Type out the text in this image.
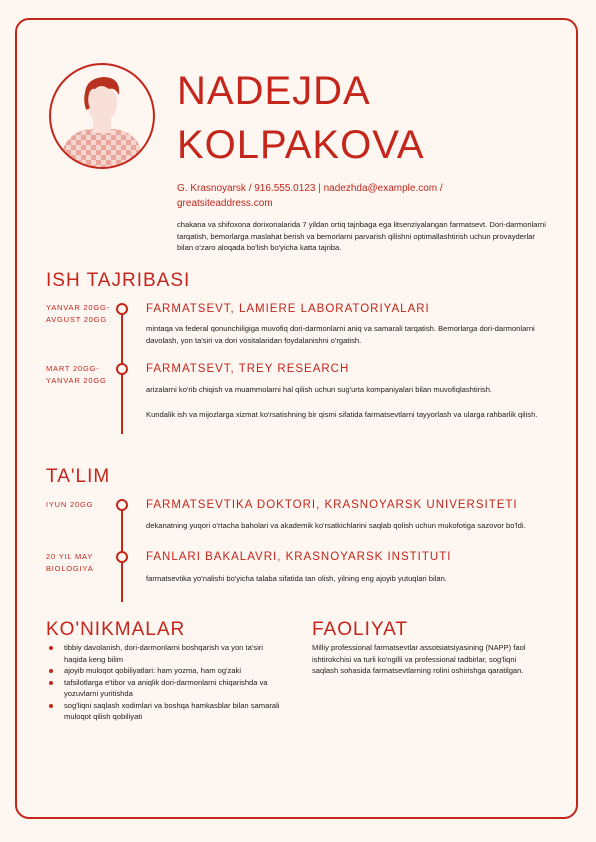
NADEJDA
KOLPAKOVA
G. Krasnoyarsk / 916.555.0123 | nadezhda@example.com /
greatsiteaddress.com
chakana va shifoxona dorixonalarida 7 yildan ortiq tajribaga ega litsenziyalangan farmatsevt. Dori-darmonlarni tarqatish, bemorlarga maslahat berish va bemorlarni parvarish qilishni optimallashtirish uchun provayderlar bilan o'zaro aloqada bo'lish bo'yicha katta tajriba.
ISH TAJRIBASI
YANVAR 20GG-AVGUST 20GG
FARMATSEVT, LAMIERE LABORATORIYALARI
mintaqa va federal qonunchiligiga muvofiq dori-darmonlarni aniq va samarali tarqatish. Bemorlarga dori-darmonlarni davolash, yon ta'siri va dori vositalaridan foydalanishni o'rgatish.
MART 20GG-YANVAR 20GG
FARMATSEVT, TREY RESEARCH
arizalarni ko'rib chiqish va muammolarni hal qilish uchun sug'urta kompaniyalari bilan muvofiqlashtirish.
Kundalik ish va mijozlarga xizmat ko'rsatishning bir qismi sifatida farmatsevtlarni tayyorlash va ularga rahbarlik qilish.
TA'LIM
IYUN 20GG	FARMATSEVTIKA DOKTORI, KRASNOYARSK UNIVERSITETI
dekanatning yuqori o'rtacha baholari va akademik ko'rsatkichlarini saqlab qolish uchun mukofotiga sazovor bo'ldi.
20 YIL MAY BIOLOGIYA
FANLARI BAKALAVRI, KRASNOYARSK INSTITUTI
farmatsevtika yo'nalishi bo'yicha talaba sifatida tan olish, yilning eng ajoyib yutuqlari bilan.
KO'NIKMALAR
tibbiy davolanish, dori-darmonlarni boshqarish va yon ta'siri haqida keng bilim
ajoyib muloqot qobiliyatlari: ham yozma, ham og'zaki
tafsilotlarga e'tibor va aniqlik dori-darmonlarni chiqarishda va yozuvlarni yuritishda
sog'liqni saqlash xodimlari va boshqa hamkasblar bilan samarali muloqot qilish qobiliyati
FAOLIYAT
Milliy professional farmatsevtlar assotsiatsiyasining (NAPP) faol ishtirokchisi va turli ko'ngilli va professional tadbirlar, sog'liqni saqlash sohasida farmatsevtlarning rolini oshirishga qaratilgan.
